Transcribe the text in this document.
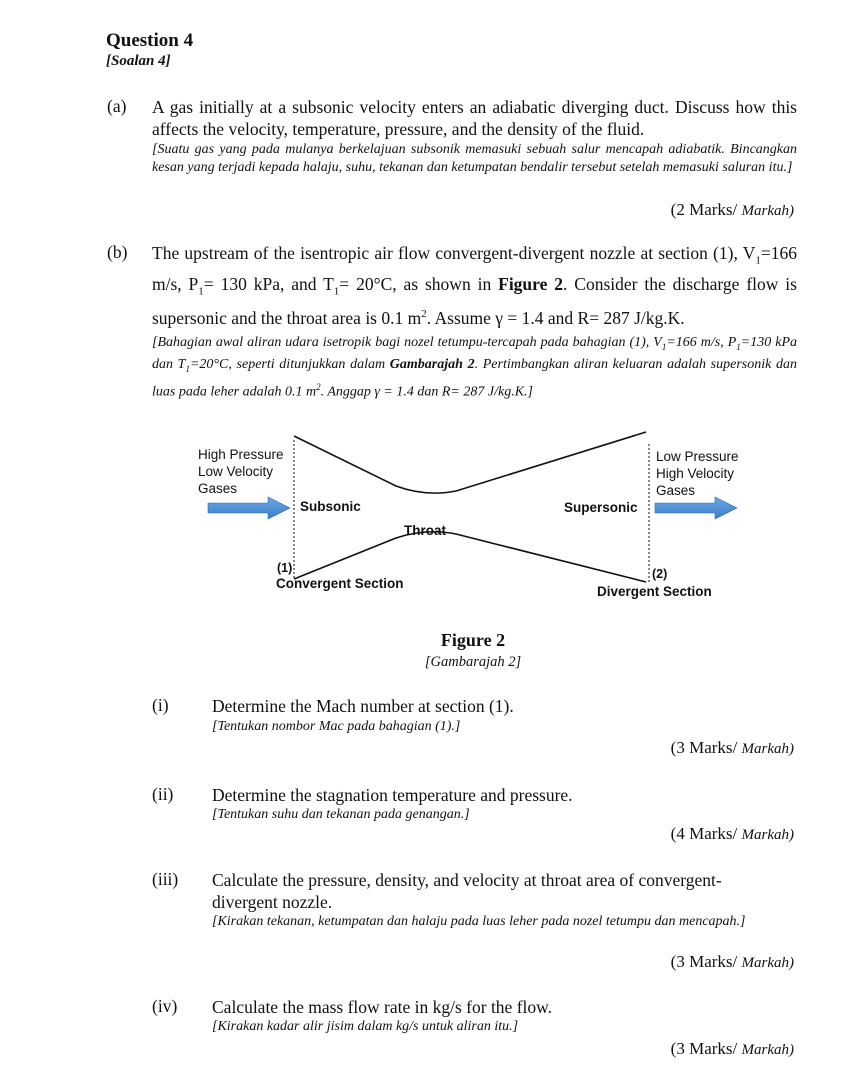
Question 4
[Soalan 4]
(a) A gas initially at a subsonic velocity enters an adiabatic diverging duct. Discuss how this affects the velocity, temperature, pressure, and the density of the fluid.
[Suatu gas yang pada mulanya berkelajuan subsonik memasuki sebuah salur mencapah adiabatik. Bincangkan kesan yang terjadi kepada halaju, suhu, tekanan dan ketumpatan bendalir tersebut setelah memasuki saluran itu.]
(2 Marks/ Markah)
(b) The upstream of the isentropic air flow convergent-divergent nozzle at section (1), $V_1=166$ m/s, $P_1= 130$ kPa, and $T_1= 20^\circ C$, as shown in Figure 2. Consider the discharge flow is supersonic and the throat area is 0.1 $m^2$. Assume γ = 1.4 and R= 287 J/kg.K.
[Bahagian awal aliran udara isetropik bagi nozel tetumpu-tercapah pada bahagian (1), $V_1=166$ m/s, $P_1=130$ kPa dan $T_1=20^\circ C$, seperti ditunjukkan dalam Gambarajah 2. Pertimbangkan aliran keluaran adalah supersonik dan luas pada leher adalah 0.1 $m^2$. Anggap γ = 1.4 dan R= 287 J/kg.K.]
High Pressure
Low Velocity
Gases
Low Pressure
High Velocity
Gases
Subsonic	Supersonic
Throat
(1)
Convergent Section
(2)
Divergent Section
Figure 2
[Gambarajah 2]
(i) Determine the Mach number at section (1).
[Tentukan nombor Mac pada bahagian (1).]
(3 Marks/ Markah)
(ii) Determine the stagnation temperature and pressure.
[Tentukan suhu dan tekanan pada genangan.]
(4 Marks/ Markah)
(iii) Calculate the pressure, density, and velocity at throat area of convergent-divergent nozzle.
[Kirakan tekanan, ketumpatan dan halaju pada luas leher pada nozel tetumpu dan mencapah.]
(3 Marks/ Markah)
(iv) Calculate the mass flow rate in kg/s for the flow.
[Kirakan kadar alir jisim dalam kg/s untuk aliran itu.]
(3 Marks/ Markah)
